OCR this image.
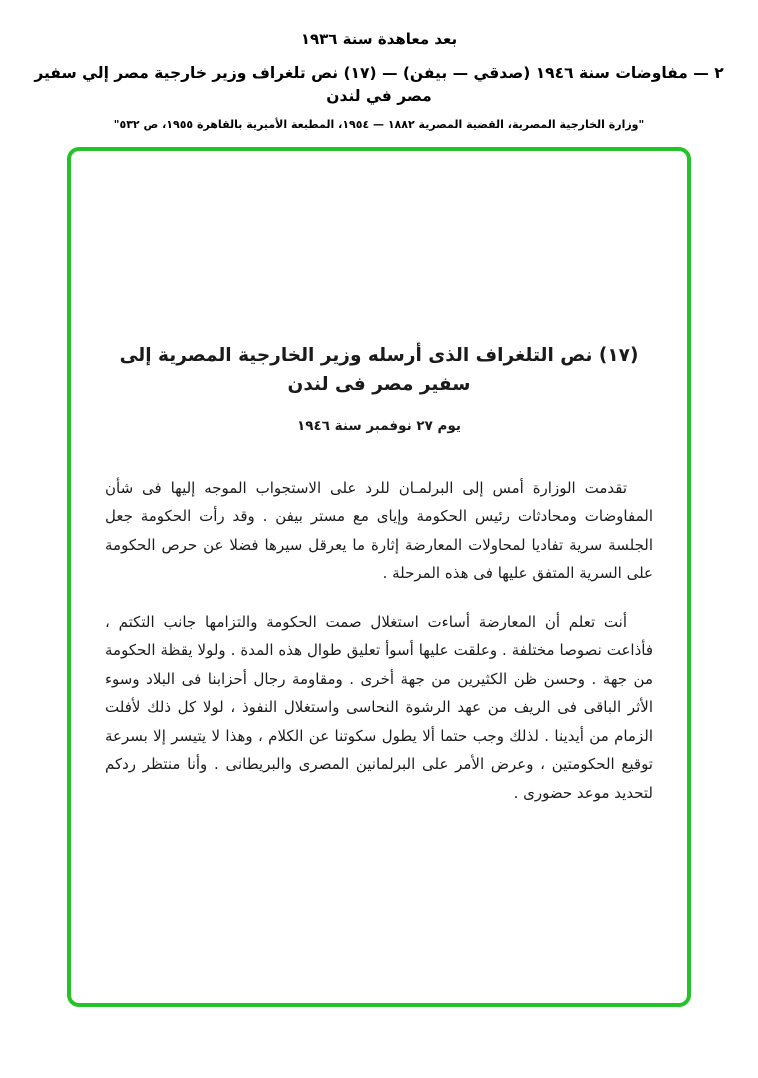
بعد معاهدة سنة ١٩٣٦
٢ — مفاوضات سنة ١٩٤٦ (صدقي — بيفن) — (١٧) نص تلغراف وزير خارجية مصر إلي سفير مصر في لندن
"وزارة الخارجية المصرية، القضية المصرية ١٨٨٢ — ١٩٥٤، المطبعة الأميرية بالقاهرة ١٩٥٥، ص ٥٣٢"
(١٧) نص التلغراف الذى أرسله وزير الخارجية المصرية إلى سفير مصر فى لندن
يوم ٢٧ نوفمبر سنة ١٩٤٦

تقدمت الوزارة أمس إلى البرلمـان للرد على الاستجواب الموجه إليها فى شأن المفاوضات ومحادثات رئيس الحكومة وإياى مع مستر بيفن . وقد رأت الحكومة جعل الجلسة سرية تفاديا لمحاولات المعارضة إثارة ما يعرقل سيرها فضلا عن حرص الحكومة على السرية المتفق عليها فى هذه المرحلة .

أنت تعلم أن المعارضة أساءت استغلال صمت الحكومة والتزامها جانب التكتم ، فأذاعت نصوصا مختلفة . وعلقت عليها أسوأ تعليق طوال هذه المدة . ولولا يقظة الحكومة من جهة . وحسن ظن الكثيرين من جهة أخرى . ومقاومة رجال أحزابنا فى البلاد وسوء الأثر الباقى فى الريف من عهد الرشوة النحاسى واستغلال النفوذ ، لولا كل ذلك لأفلت الزمام من أيدينا . لذلك وجب حتما ألا يطول سكوتنا عن الكلام ، وهذا لا يتيسر إلا بسرعة توقيع الحكومتين ، وعرض الأمر على البرلمانين المصرى والبريطانى . وأنا منتظر ردكم لتحديد موعد حضورى .
